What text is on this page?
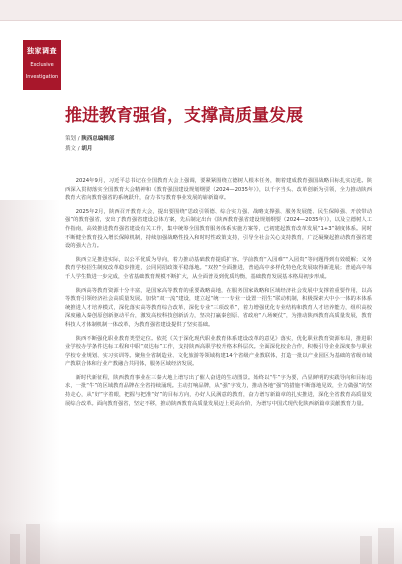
独家调查
Exclusive
Investigation
推进教育强省，支撑高质量发展
策划 / 陕西总编辑部
撰文 / 胡月

2024年9月，习近平总书记在全国教育大会上强调，要紧紧围绕立德树人根本任务，朝着建成教育强国战略目标扎实迈进。陕西深入贯彻落实全国教育大会精神和《教育强国建设规划纲要（2024—2035年）》，以千字当头、改革创新为引领，全力推动陕西教育大省向教育强省的系统跃升，奋力书写教育事业发展的崭新篇章。

2025年2月，陕西召开教育大会，提出要围绕“思政引领德、综合实力强、战略支撑强、服务发展能、民生保障强、开放带动强”的教育强省，安出了教育强省建设总体方案，先后制定出台《陕西教育强省建设规划纲要（2024—2035年）》，以及立德树人工作指南，高效推进教育强省建设有关工作，集中统筹全国教育服务体系实施方案等，已初建起教育改革发展“1+3”制度体系。同时不断健全教育投入增长保障机制，持续加强战略性投入和时时性政策支持，引导全社会关心支持教育，广泛凝聚起推动教育强省建设的强大合力。

陕西立足推进实际，以公平优质为导向，着力推动基础教育提质扩容。学前教育“入园难”“入园贵”等问题得到有效缓解；义务教育学校招生制度改革稳步推进，公同同招政策平稳落地。“双控”全面推进，普通高中多样化特色化发展取得新进展；普通高中每千人学生数进一步完成，全省基础教育规模不断扩大，从全面普及到优质均衡，基础教育发展基本格局初步形成。

陕西高等教育资源十分丰富，是国家高等教育的重要战略高地，在服务国家战略和区域经济社会发展中支撑着重要作用，以高等教育引领经济社会高质量发展。加快“双一流”建设，建立起“统一一专业一设置一招生”联动机制，积极探索大中小一体的本体系统推进人才培养模式，深化落实高等教育综合改革，深化专业“三项改革”，着力增强优化专业结构和教育人才培养能力，组织高校深度融入秦创原创新驱动平台，激发高校科技创新活力，坚决打赢秦创原、省政府“八场硬仗”，为推动陕西教育高质量发展，教育科技人才体制机制一体改革，为教育强省建设提供了坚实基础。

陕西不断强化职业教育类型定位。依托《关于深化现代职业教育体系建设改革的意见》落实，优化职业教育资源布局，推进职业学校办学条件达标工程和中职“双达标”工作，支持陕西高职学校升格本科层次。全面深化校企合作，积极引导企业深度参与职业学校专业规划、实习实训等。聚焦全省制造业、文化旅游等领域构建14个省级产业教联体，打造一批以产业园区为基础的省级市域产教联合体和行业产教融合共同体，服务区域经济发展。

新时代新征程，陕西教育事业在三秦大地上谱写出了催人奋进的生动图景。始终以“牛”字为要，凸显鲜明的实践导向和目标追求，一批“牛”的区域教育品牌在全省持续涌现。主动打响品牌，从“强”字发力，推动各地“强”的措施不断落地见效，全力做强”的坚持走心，从“好”字着眼，把握与把准“好”的目标方向，办好人民满意的教育，奋力谱写新篇章的扎实推进，深化全省教育高质量发展综合改革。面向教育强省，坚定不移，推动陕西教育高质量发展迈上更高台阶，为谱写中国式现代化陕西新篇章贡献教育力量。
